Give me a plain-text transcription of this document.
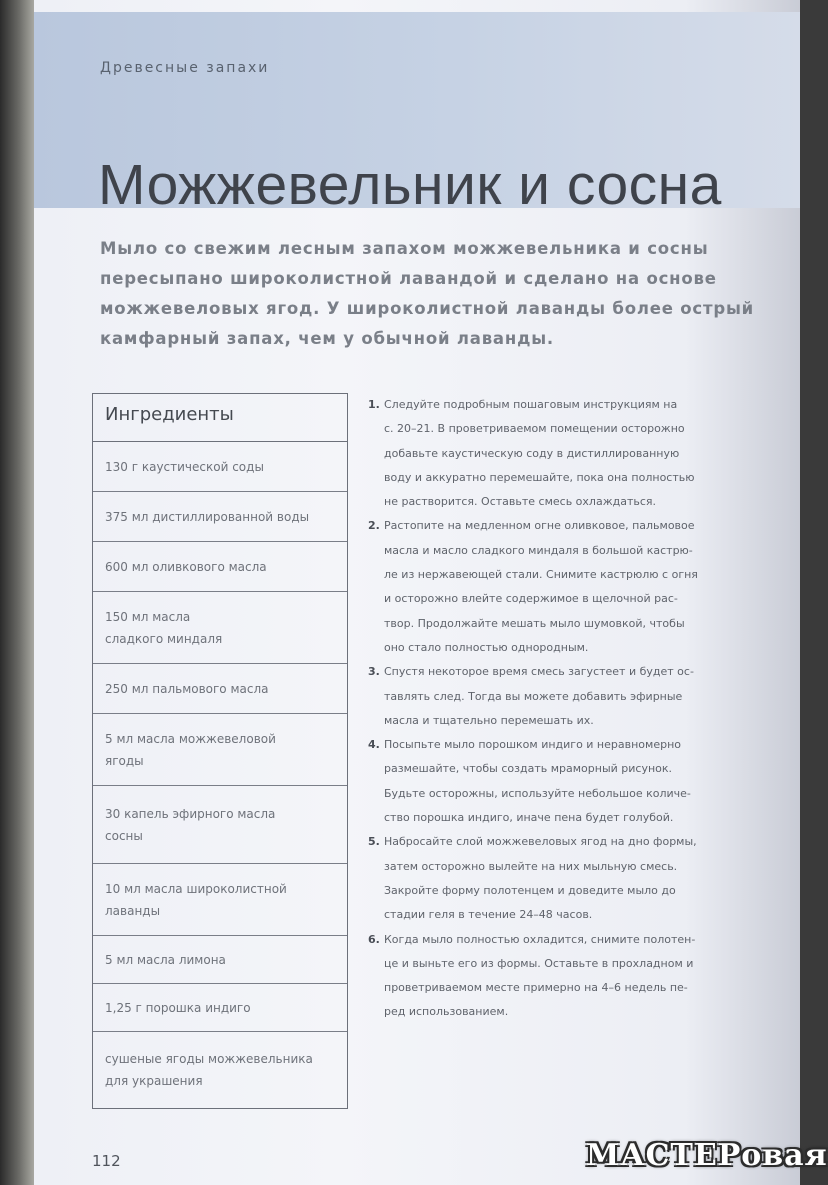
Древесные запахи
Можжевельник и сосна
Мыло со свежим лесным запахом можжевельника и сосны
пересыпано широколистной лавандой и сделано на основе
можжевеловых ягод. У широколистной лаванды более острый
камфарный запах, чем у обычной лаванды.
Ингредиенты
130 г каустической соды
375 мл дистиллированной воды
600 мл оливкового масла
150 мл масла
сладкого миндаля
250 мл пальмового масла
5 мл масла можжевеловой
ягоды
30 капель эфирного масла
сосны
10 мл масла широколистной
лаванды
5 мл масла лимона
1,25 г порошка индиго
сушеные ягоды можжевельника
для украшения
1. Следуйте подробным пошаговым инструкциям на
с. 20–21. В проветриваемом помещении осторожно
добавьте каустическую соду в дистиллированную
воду и аккуратно перемешайте, пока она полностью
не растворится. Оставьте смесь охлаждаться.
2. Растопите на медленном огне оливковое, пальмовое
масла и масло сладкого миндаля в большой кастрю-
ле из нержавеющей стали. Снимите кастрюлю с огня
и осторожно влейте содержимое в щелочной рас-
твор. Продолжайте мешать мыло шумовкой, чтобы
оно стало полностью однородным.
3. Спустя некоторое время смесь загустеет и будет ос-
тавлять след. Тогда вы можете добавить эфирные
масла и тщательно перемешать их.
4. Посыпьте мыло порошком индиго и неравномерно
размешайте, чтобы создать мраморный рисунок.
Будьте осторожны, используйте небольшое количе-
ство порошка индиго, иначе пена будет голубой.
5. Набросайте слой можжевеловых ягод на дно формы,
затем осторожно вылейте на них мыльную смесь.
Закройте форму полотенцем и доведите мыло до
стадии геля в течение 24–48 часов.
6. Когда мыло полностью охладится, снимите полотен-
це и выньте его из формы. Оставьте в прохладном и
проветриваемом месте примерно на 4–6 недель пе-
ред использованием.
112	МАСТЕРовая
